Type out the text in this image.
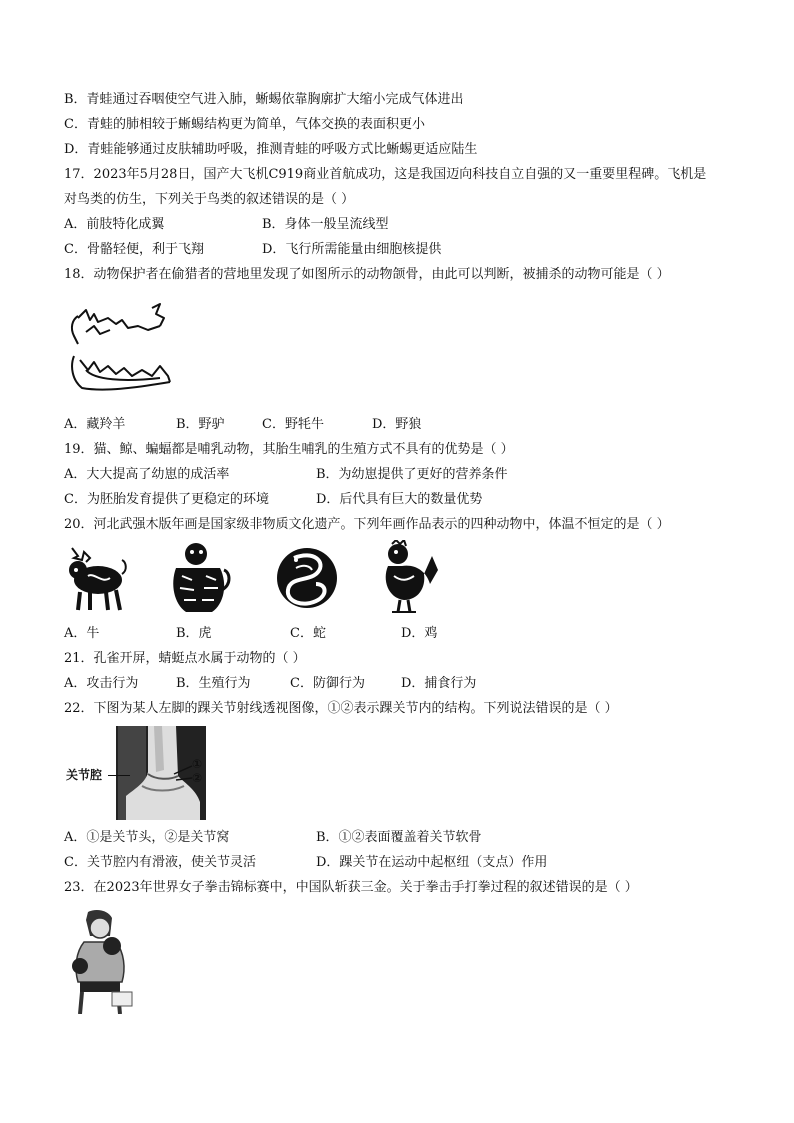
B．青蛙通过吞咽使空气进入肺，蜥蜴依靠胸廓扩大缩小完成气体进出
C．青蛙的肺相较于蜥蜴结构更为简单，气体交换的表面积更小
D．青蛙能够通过皮肤辅助呼吸，推测青蛙的呼吸方式比蜥蜴更适应陆生
17．2023年5月28日，国产大飞机C919商业首航成功，这是我国迈向科技自立自强的又一重要里程碑。飞机是
对鸟类的仿生，下列关于鸟类的叙述错误的是（ ）
A．前肢特化成翼	B．身体一般呈流线型
C．骨骼轻便，利于飞翔	D．飞行所需能量由细胞核提供
18．动物保护者在偷猎者的营地里发现了如图所示的动物颌骨，由此可以判断，被捕杀的动物可能是（ ）
A．藏羚羊	B．野驴	C．野牦牛	D．野狼
19．猫、鲸、蝙蝠都是哺乳动物，其胎生哺乳的生殖方式不具有的优势是（ ）
A．大大提高了幼崽的成活率	B．为幼崽提供了更好的营养条件
C．为胚胎发育提供了更稳定的环境	D．后代具有巨大的数量优势
20．河北武强木版年画是国家级非物质文化遗产。下列年画作品表示的四种动物中，体温不恒定的是（ ）
A．牛	B．虎	C．蛇	D．鸡
21．孔雀开屏，蜻蜓点水属于动物的（ ）
A．攻击行为	B．生殖行为	C．防御行为	D．捕食行为
22．下图为某人左脚的踝关节射线透视图像，①②表示踝关节内的结构。下列说法错误的是（ ）
关节腔
①
②
A．①是关节头，②是关节窝	B．①②表面覆盖着关节软骨
C．关节腔内有滑液，使关节灵活	D．踝关节在运动中起枢纽（支点）作用
23．在2023年世界女子拳击锦标赛中，中国队斩获三金。关于拳击手打拳过程的叙述错误的是（ ）
